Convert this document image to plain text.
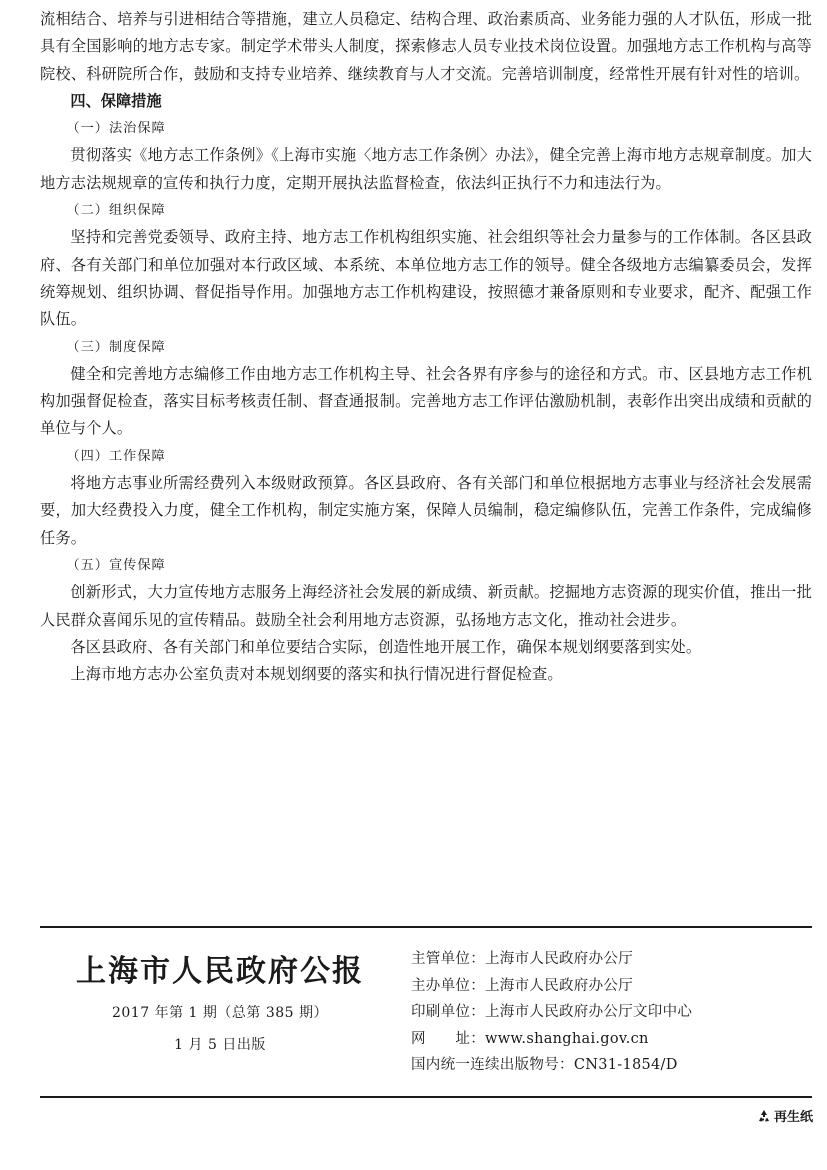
流相结合、培养与引进相结合等措施，建立人员稳定、结构合理、政治素质高、业务能力强的人才队伍，形成一批具有全国影响的地方志专家。制定学术带头人制度，探索修志人员专业技术岗位设置。加强地方志工作机构与高等院校、科研院所合作，鼓励和支持专业培养、继续教育与人才交流。完善培训制度，经常性开展有针对性的培训。

四、保障措施

（一）法治保障

贯彻落实《地方志工作条例》《上海市实施〈地方志工作条例〉办法》，健全完善上海市地方志规章制度。加大地方志法规规章的宣传和执行力度，定期开展执法监督检查，依法纠正执行不力和违法行为。

（二）组织保障

坚持和完善党委领导、政府主持、地方志工作机构组织实施、社会组织等社会力量参与的工作体制。各区县政府、各有关部门和单位加强对本行政区域、本系统、本单位地方志工作的领导。健全各级地方志编纂委员会，发挥统筹规划、组织协调、督促指导作用。加强地方志工作机构建设，按照德才兼备原则和专业要求，配齐、配强工作队伍。

（三）制度保障

健全和完善地方志编修工作由地方志工作机构主导、社会各界有序参与的途径和方式。市、区县地方志工作机构加强督促检查，落实目标考核责任制、督查通报制。完善地方志工作评估激励机制，表彰作出突出成绩和贡献的单位与个人。

（四）工作保障

将地方志事业所需经费列入本级财政预算。各区县政府、各有关部门和单位根据地方志事业与经济社会发展需要，加大经费投入力度，健全工作机构，制定实施方案，保障人员编制，稳定编修队伍，完善工作条件，完成编修任务。

（五）宣传保障

创新形式，大力宣传地方志服务上海经济社会发展的新成绩、新贡献。挖掘地方志资源的现实价值，推出一批人民群众喜闻乐见的宣传精品。鼓励全社会利用地方志资源，弘扬地方志文化，推动社会进步。

各区县政府、各有关部门和单位要结合实际，创造性地开展工作，确保本规划纲要落到实处。

上海市地方志办公室负责对本规划纲要的落实和执行情况进行督促检查。

上海市人民政府公报
2017 年第 1 期（总第 385 期）
1 月 5 日出版
主管单位：上海市人民政府办公厅
主办单位：上海市人民政府办公厅
印刷单位：上海市人民政府办公厅文印中心
网　　址：www.shanghai.gov.cn
国内统一连续出版物号：CN31-1854/D
再生纸
